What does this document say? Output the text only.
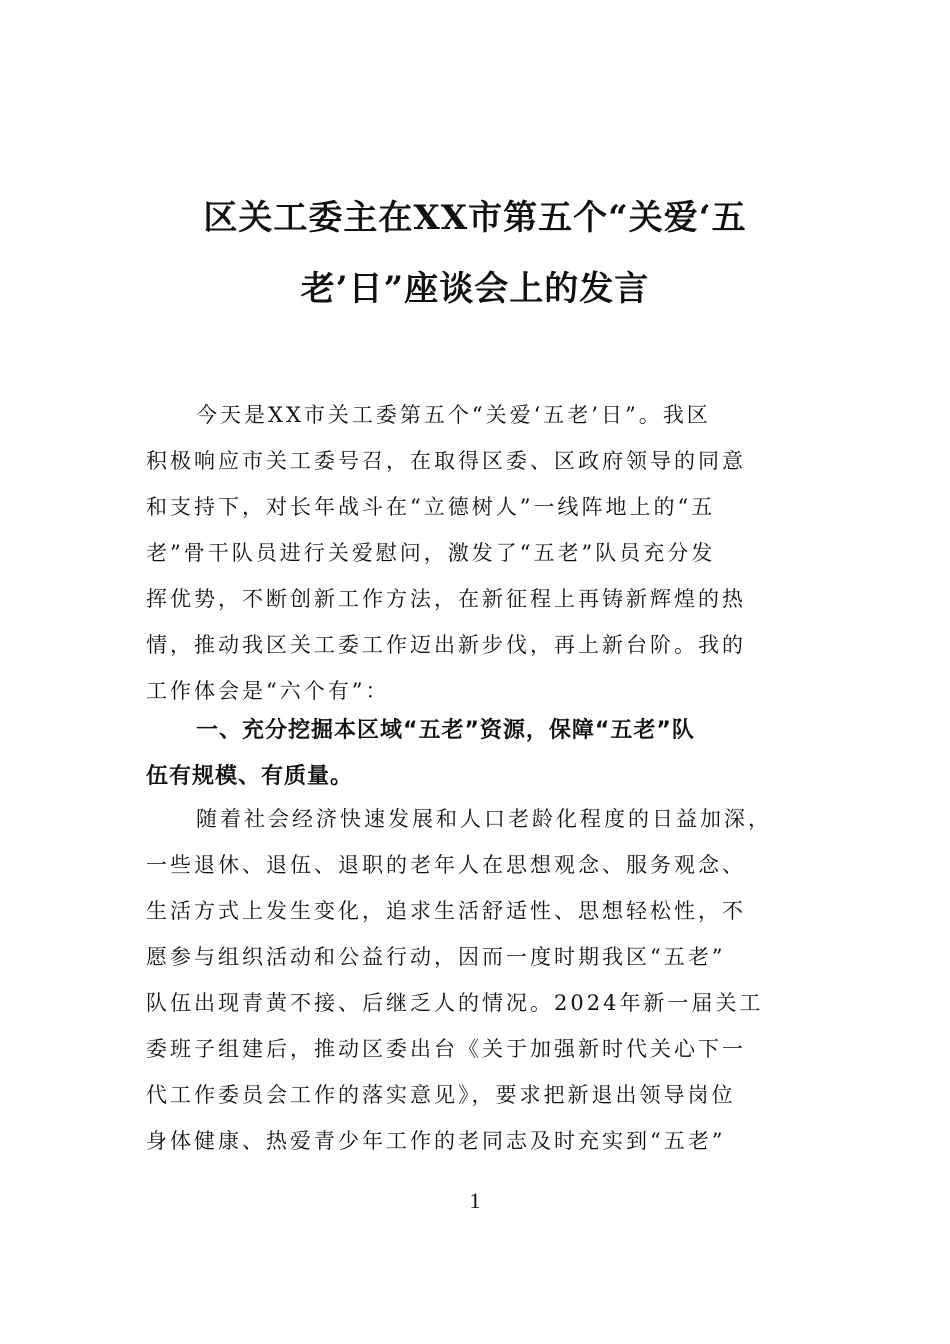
区关工委主在XX市第五个“关爱‘五
老’日”座谈会上的发言
今天是XX市关工委第五个“关爱‘五老’日”。我区
积极响应市关工委号召，在取得区委、区政府领导的同意
和支持下，对长年战斗在“立德树人”一线阵地上的“五
老”骨干队员进行关爱慰问，激发了“五老”队员充分发
挥优势，不断创新工作方法，在新征程上再铸新辉煌的热
情，推动我区关工委工作迈出新步伐，再上新台阶。我的
工作体会是“六个有”：
一、充分挖掘本区域“五老”资源，保障“五老”队
伍有规模、有质量。
随着社会经济快速发展和人口老龄化程度的日益加深，
一些退休、退伍、退职的老年人在思想观念、服务观念、
生活方式上发生变化，追求生活舒适性、思想轻松性，不
愿参与组织活动和公益行动，因而一度时期我区“五老”
队伍出现青黄不接、后继乏人的情况。2024年新一届关工
委班子组建后，推动区委出台《关于加强新时代关心下一
代工作委员会工作的落实意见》，要求把新退出领导岗位
身体健康、热爱青少年工作的老同志及时充实到“五老”
1
